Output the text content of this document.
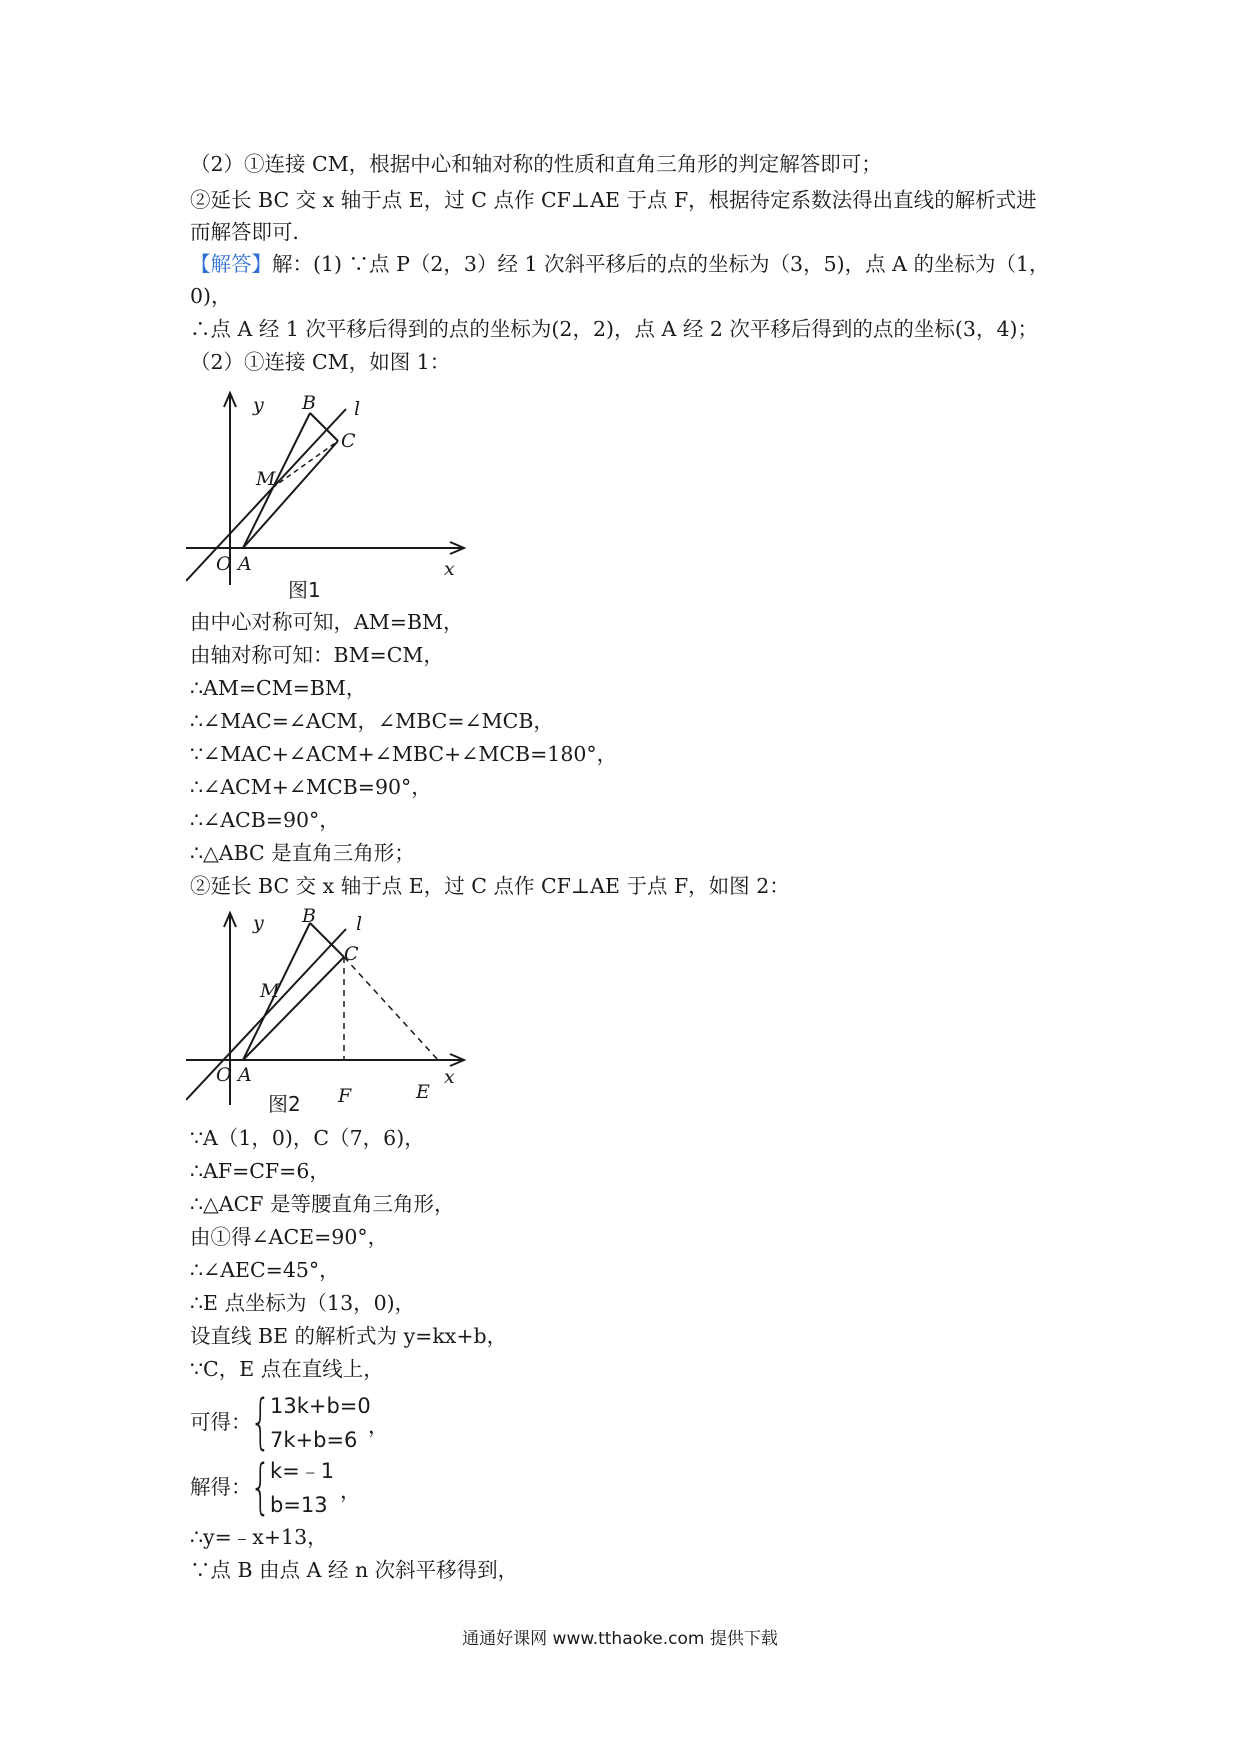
（2）①连接 CM，根据中心和轴对称的性质和直角三角形的判定解答即可；
②延长 BC 交 x 轴于点 E，过 C 点作 CF⊥AE 于点 F，根据待定系数法得出直线的解析式进
而解答即可．
【解答】解：(1) ∵点 P（2，3）经 1 次斜平移后的点的坐标为（3，5)，点 A 的坐标为（1，
0)，
∴点 A 经 1 次平移后得到的点的坐标为(2，2)，点 A 经 2 次平移后得到的点的坐标(3，4)；
（2）①连接 CM，如图 1：
y
x
O A
B
C
M
l
图1
由中心对称可知，AM=BM，
由轴对称可知：BM=CM，
∴AM=CM=BM，
∴∠MAC=∠ACM，∠MBC=∠MCB，
∵∠MAC+∠ACM+∠MBC+∠MCB=180°，
∴∠ACM+∠MCB=90°，
∴∠ACB=90°，
∴△ABC 是直角三角形；
②延长 BC 交 x 轴于点 E，过 C 点作 CF⊥AE 于点 F，如图 2：
y
x
O A
B
C
M
l
F	E
图2
∵A（1，0)，C（7，6)，
∴AF=CF=6，
∴△ACF 是等腰直角三角形，
由①得∠ACE=90°，
∴∠AEC=45°，
∴E 点坐标为（13，0)，
设直线 BE 的解析式为 y=kx+b，
∵C，E 点在直线上，
可得：
{
13k+b=0
7k+b=6
，
解得：
{
k=﹣1
b=13
，
∴y=﹣x+13，
∵点 B 由点 A 经 n 次斜平移得到，
通通好课网 www.tthaoke.com 提供下载
